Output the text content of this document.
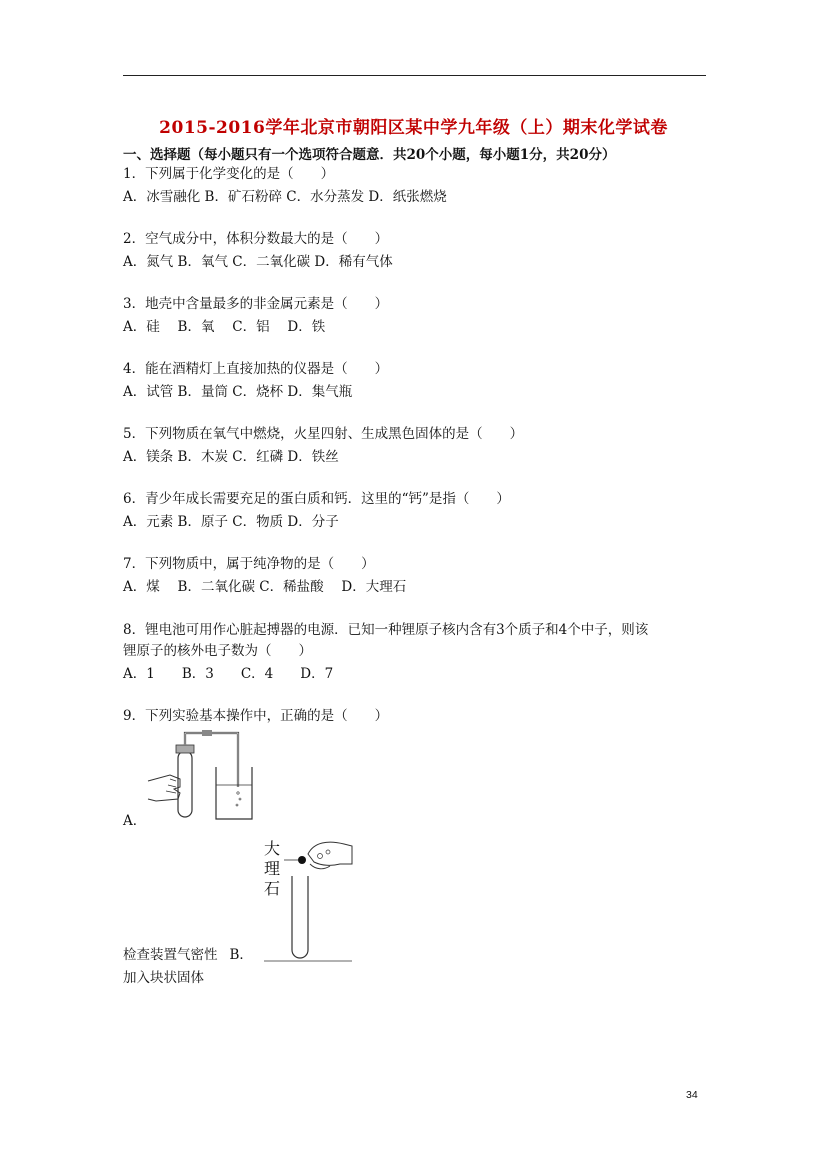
2015-2016学年北京市朝阳区某中学九年级（上）期末化学试卷
一、选择题（每小题只有一个选项符合题意．共20个小题，每小题1分，共20分）
1．下列属于化学变化的是（　　）
A．冰雪融化 B．矿石粉碎 C．水分蒸发 D．纸张燃烧
2．空气成分中，体积分数最大的是（　　）
A．氮气 B．氧气 C．二氧化碳 D．稀有气体
3．地壳中含量最多的非金属元素是（　　）
A．硅　 B．氧　 C．铝　 D．铁
4．能在酒精灯上直接加热的仪器是（　　）
A．试管 B．量筒 C．烧杯 D．集气瓶
5．下列物质在氧气中燃烧，火星四射、生成黑色固体的是（　　）
A．镁条 B．木炭 C．红磷 D．铁丝
6．青少年成长需要充足的蛋白质和钙．这里的“钙”是指（　　）
A．元素 B．原子 C．物质 D．分子
7．下列物质中，属于纯净物的是（　　）
A．煤　 B．二氧化碳 C．稀盐酸　 D．大理石
8．锂电池可用作心脏起搏器的电源．已知一种锂原子核内含有3个质子和4个中子，则该
锂原子的核外电子数为（　　）
A．1　　B．3　　C．4　　D．7
9．下列实验基本操作中，正确的是（　　）
A．
大
理
石
检查装置气密性 B．
加入块状固体
34
